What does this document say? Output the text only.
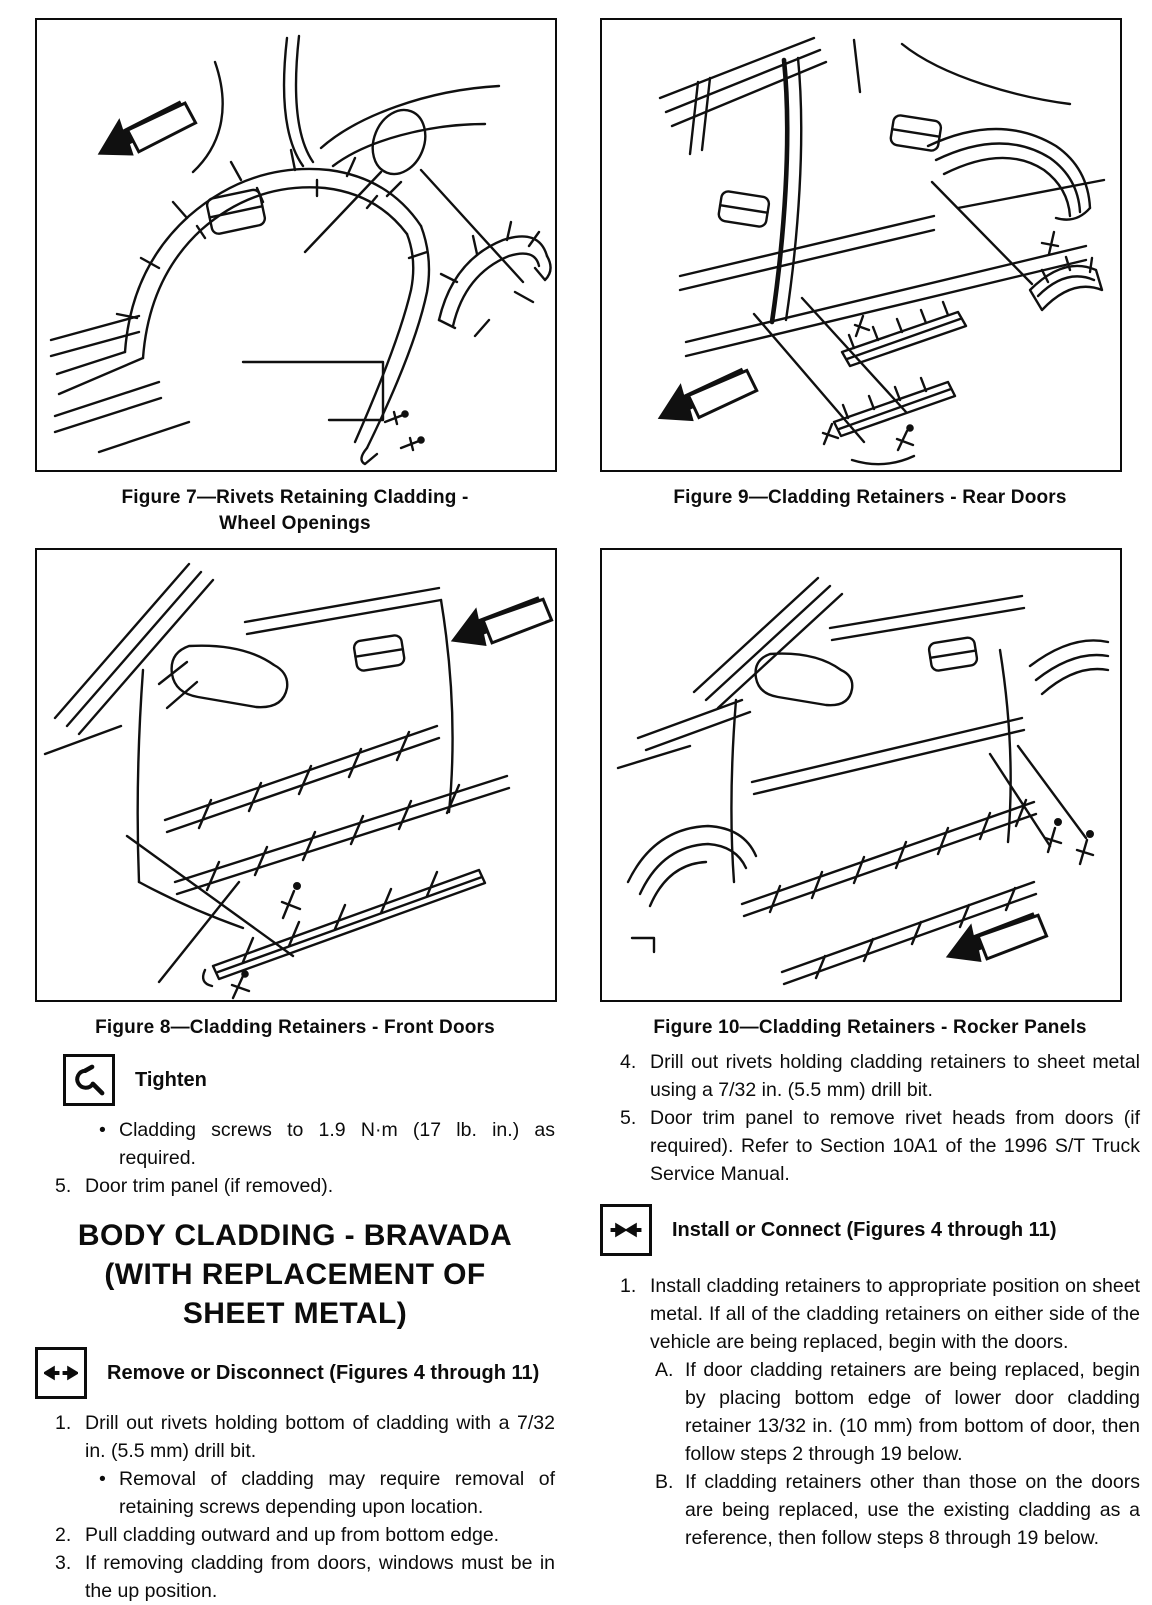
Figure 7—Rivets Retaining Cladding -
Wheel Openings
Figure 9—Cladding Retainers - Rear Doors
Figure 8—Cladding Retainers - Front Doors	Figure 10—Cladding Retainers - Rocker Panels
Tighten
• Cladding screws to 1.9 N·m (17 lb. in.) as required.
5. Door trim panel (if removed).
BODY CLADDING - BRAVADA
(WITH REPLACEMENT OF
SHEET METAL)
Remove or Disconnect (Figures 4 through 11)
1. Drill out rivets holding bottom of cladding with a 7/32 in. (5.5 mm) drill bit.
• Removal of cladding may require removal of retaining screws depending upon location.
2. Pull cladding outward and up from bottom edge.
3. If removing cladding from doors, windows must be in the up position.
4. Drill out rivets holding cladding retainers to sheet metal using a 7/32 in. (5.5 mm) drill bit.
5. Door trim panel to remove rivet heads from doors (if required). Refer to Section 10A1 of the 1996 S/T Truck Service Manual.
Install or Connect (Figures 4 through 11)
1. Install cladding retainers to appropriate position on sheet metal. If all of the cladding retainers on either side of the vehicle are being replaced, begin with the doors.
A. If door cladding retainers are being replaced, begin by placing bottom edge of lower door cladding retainer 13/32 in. (10 mm) from bottom of door, then follow steps 2 through 19 below.
B. If cladding retainers other than those on the doors are being replaced, use the existing cladding as a reference, then follow steps 8 through 19 below.
